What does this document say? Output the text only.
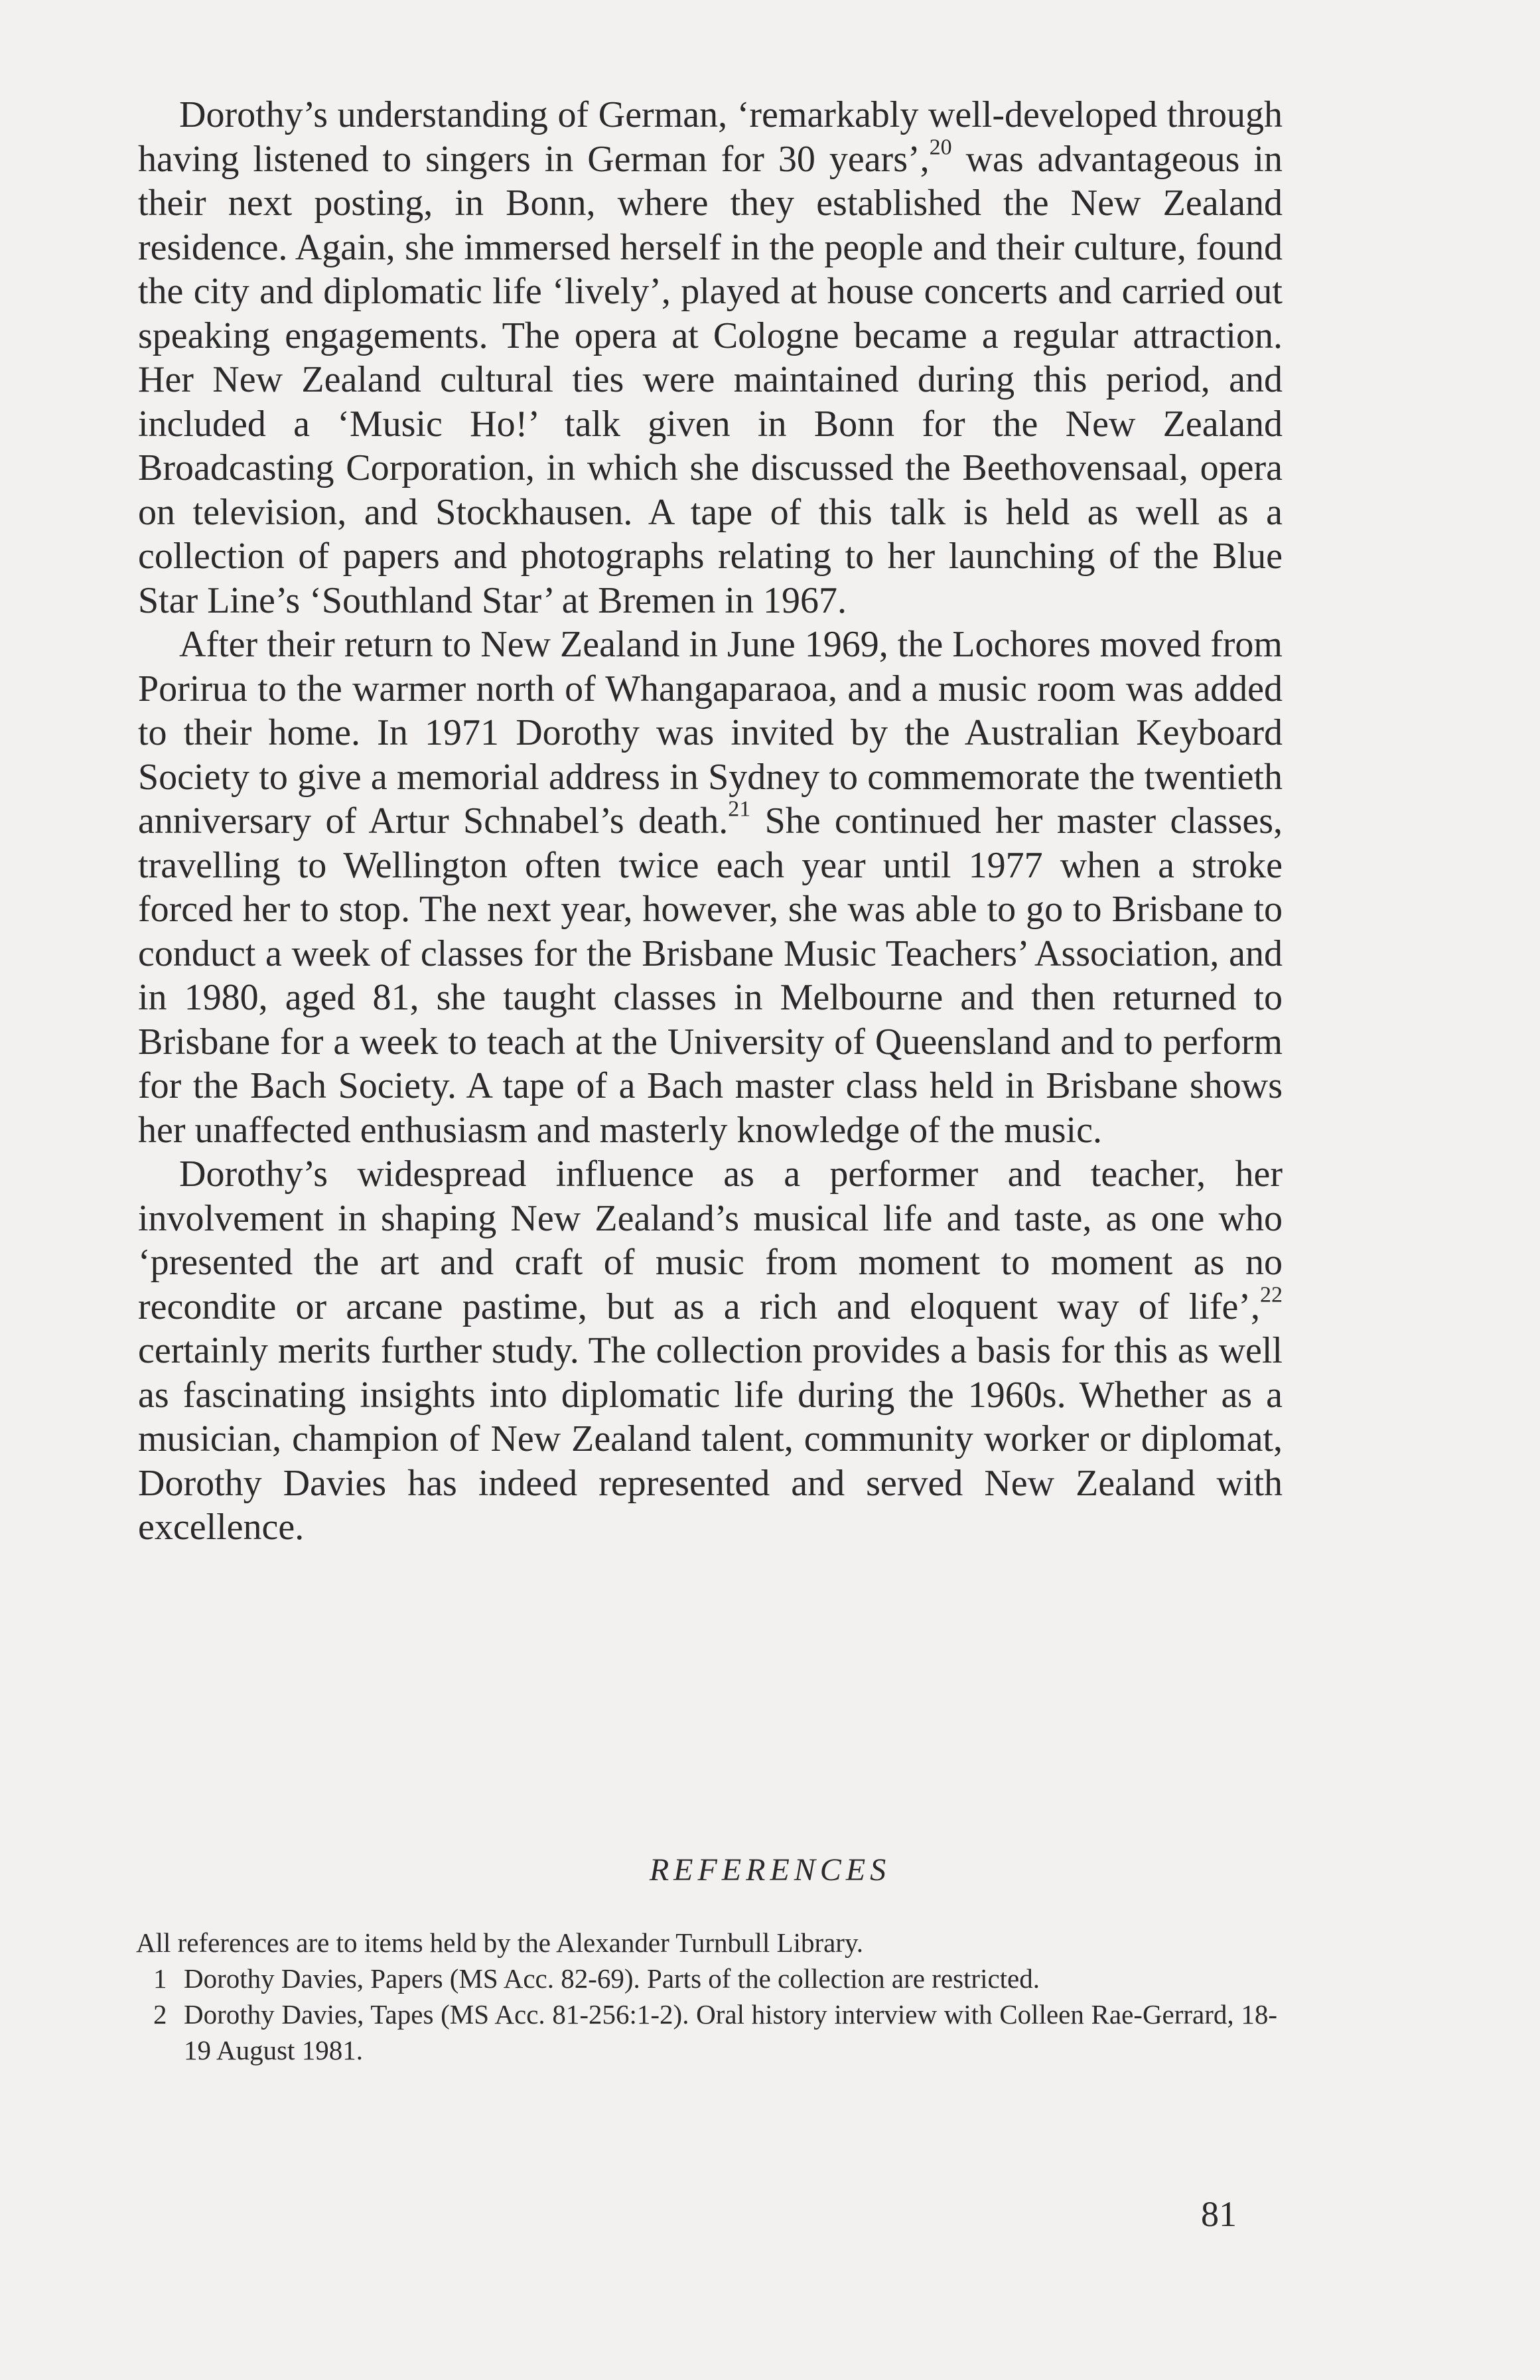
Dorothy’s understanding of German, ‘remarkably well-developed through having listened to singers in German for 30 years’,$^{20}$ was advantageous in their next posting, in Bonn, where they established the New Zealand residence. Again, she immersed herself in the people and their culture, found the city and diplomatic life ‘lively’, played at house concerts and carried out speaking engagements. The opera at Cologne became a regular attraction. Her New Zealand cultural ties were maintained during this period, and included a ‘Music Ho!’ talk given in Bonn for the New Zealand Broadcasting Corporation, in which she discussed the Beethovensaal, opera on television, and Stockhausen. A tape of this talk is held as well as a collection of papers and photographs relating to her launching of the Blue Star Line’s ‘Southland Star’ at Bremen in 1967.

After their return to New Zealand in June 1969, the Lochores moved from Porirua to the warmer north of Whangaparaoa, and a music room was added to their home. In 1971 Dorothy was invited by the Australian Keyboard Society to give a memorial address in Sydney to commemorate the twentieth anniversary of Artur Schnabel’s death.$^{21}$ She continued her master classes, travelling to Wellington often twice each year until 1977 when a stroke forced her to stop. The next year, however, she was able to go to Brisbane to conduct a week of classes for the Brisbane Music Teachers’ Association, and in 1980, aged 81, she taught classes in Melbourne and then returned to Brisbane for a week to teach at the University of Queensland and to perform for the Bach Society. A tape of a Bach master class held in Brisbane shows her unaffected enthusiasm and masterly knowledge of the music.

Dorothy’s widespread influence as a performer and teacher, her involvement in shaping New Zealand’s musical life and taste, as one who ‘presented the art and craft of music from moment to moment as no recondite or arcane pastime, but as a rich and eloquent way of life’,$^{22}$ certainly merits further study. The collection provides a basis for this as well as fascinating insights into diplomatic life during the 1960s. Whether as a musician, champion of New Zealand talent, community worker or diplomat, Dorothy Davies has indeed represented and served New Zealand with excellence.

REFERENCES

All references are to items held by the Alexander Turnbull Library.

1 Dorothy Davies, Papers (MS Acc. 82-69). Parts of the collection are restricted.
2 Dorothy Davies, Tapes (MS Acc. 81-256:1-2). Oral history interview with Colleen Rae-Gerrard, 18-19 August 1981.

81
